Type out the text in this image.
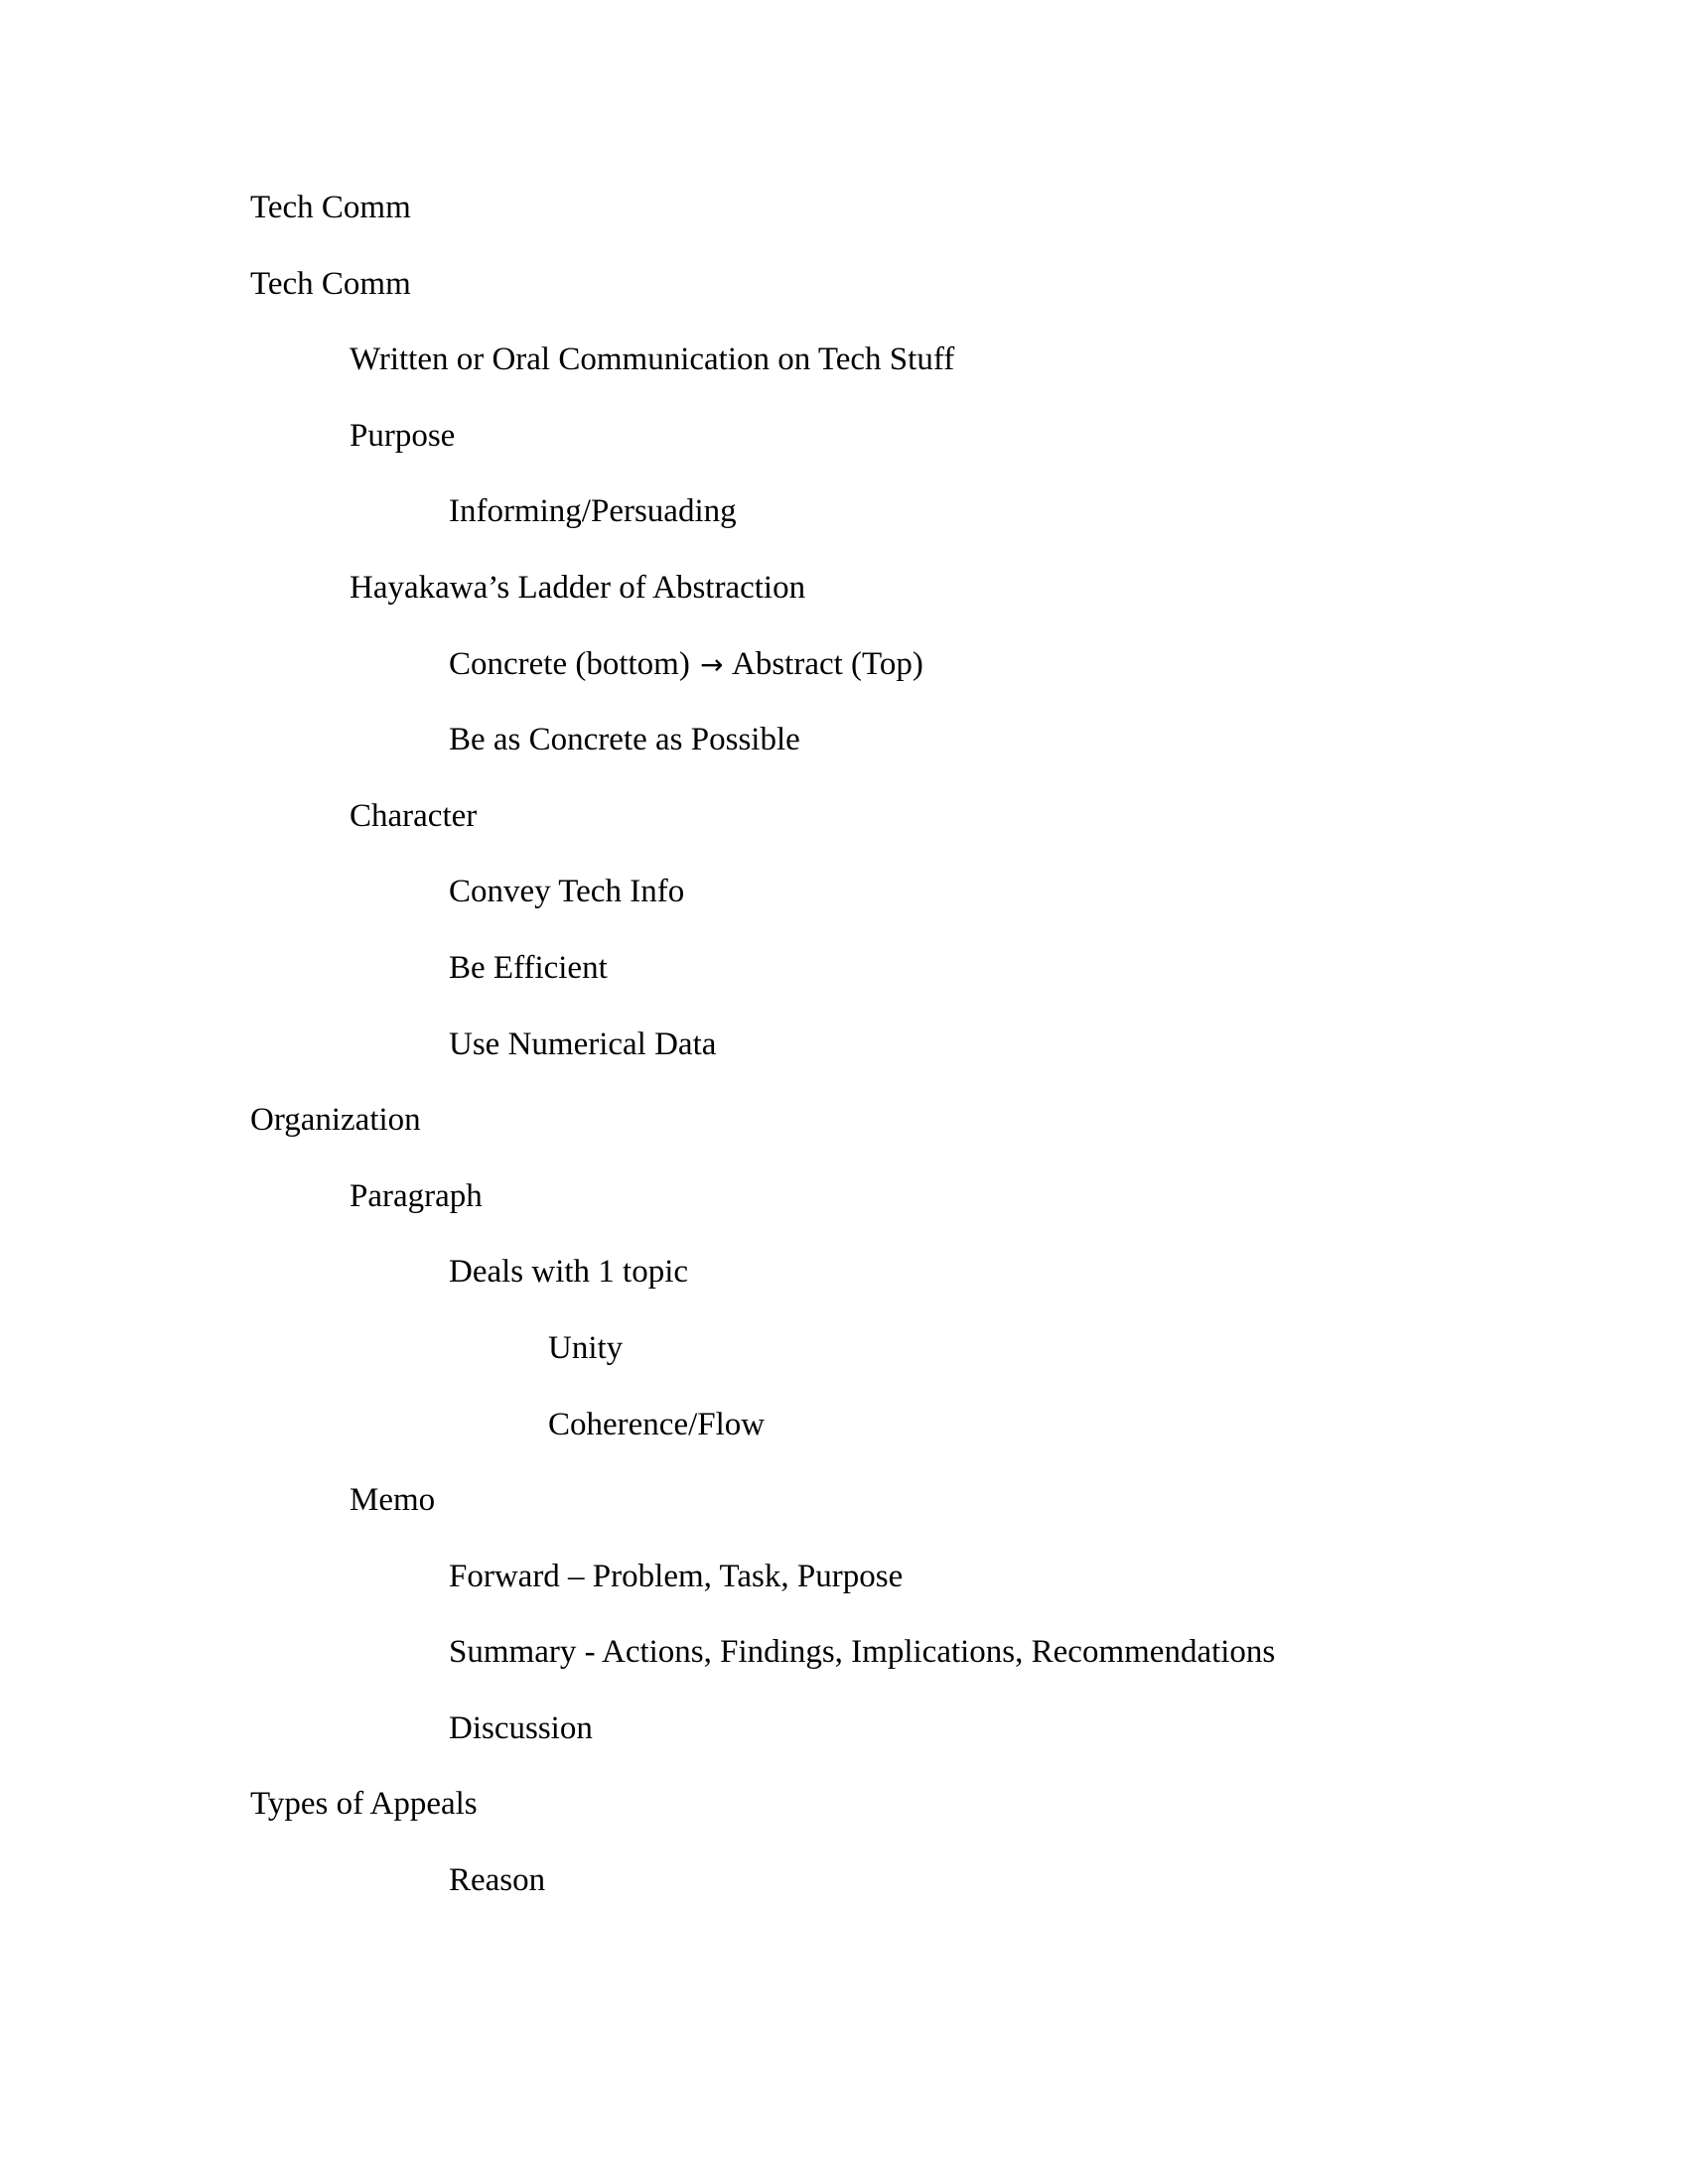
Tech Comm

Tech Comm

Written or Oral Communication on Tech Stuff

Purpose

Informing/Persuading

Hayakawa’s Ladder of Abstraction

Concrete (bottom) → Abstract (Top)

Be as Concrete as Possible

Character

Convey Tech Info

Be Efficient

Use Numerical Data

Organization

Paragraph

Deals with 1 topic

Unity

Coherence/Flow

Memo

Forward – Problem, Task, Purpose

Summary - Actions, Findings, Implications, Recommendations

Discussion

Types of Appeals

Reason
